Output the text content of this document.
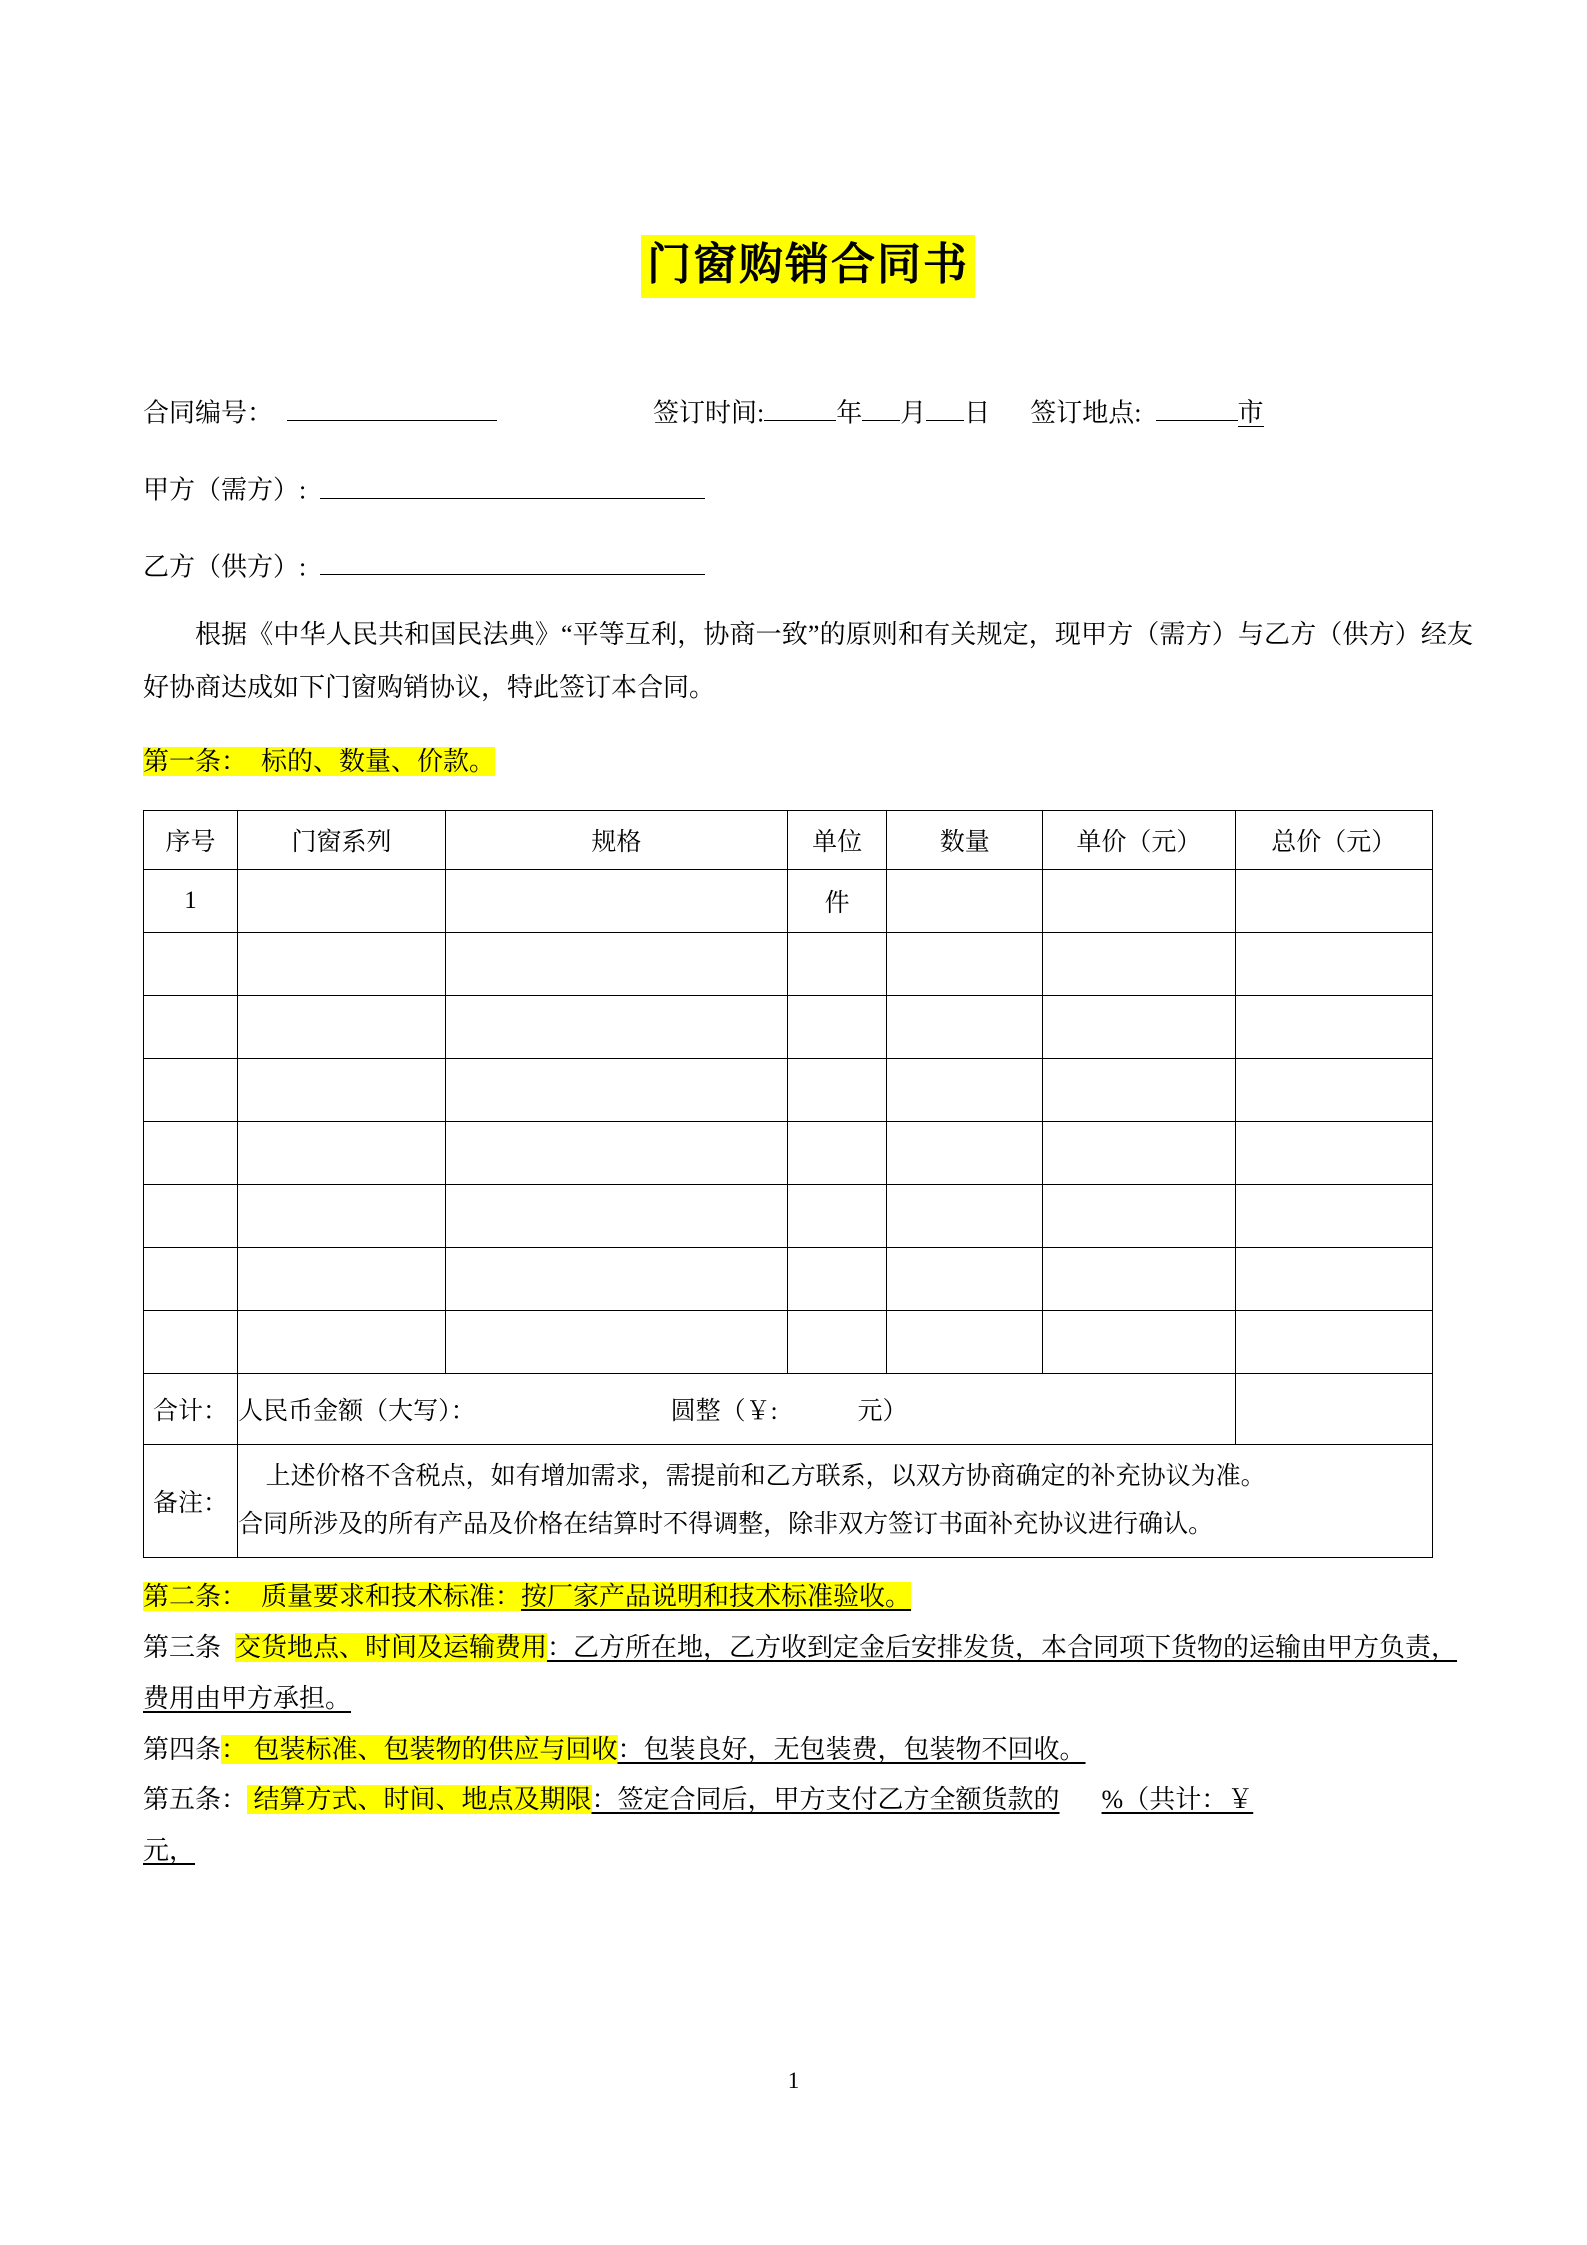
门窗购销合同书
合同编号：	签订时间:	年 月 日 签订地点:	市
甲方（需方）:
乙方（供方）:
根据《中华人民共和国民法典》“平等互利，协商一致”的原则和有关规定，现甲方（需方）与乙方（供方）经友好协商达成如下门窗购销协议，特此签订本合同。
第一条： 标的、数量、价款。
序号	门窗系列	规格	单位	数量	单价（元）	总价（元）
1			件			

合计：	人民币金额（大写）： 圆整（￥: 元）					

备注：	上述价格不含税点，如有增加需求，需提前和乙方联系，以双方协商确定的补充协议为准。
合同所涉及的所有产品及价格在结算时不得调整，除非双方签订书面补充协议进行确认。					
第二条： 质量要求和技术标准：按厂家产品说明和技术标准验收。
第三条 交货地点、时间及运输费用：乙方所在地，乙方收到定金后安排发货，本合同项下货物的运输由甲方负责，费用由甲方承担。
第四条： 包装标准、包装物的供应与回收：包装良好，无包装费，包装物不回收。
第五条： 结算方式、时间、地点及期限：签定合同后，甲方支付乙方全额货款的 %（共计：￥元，
1
